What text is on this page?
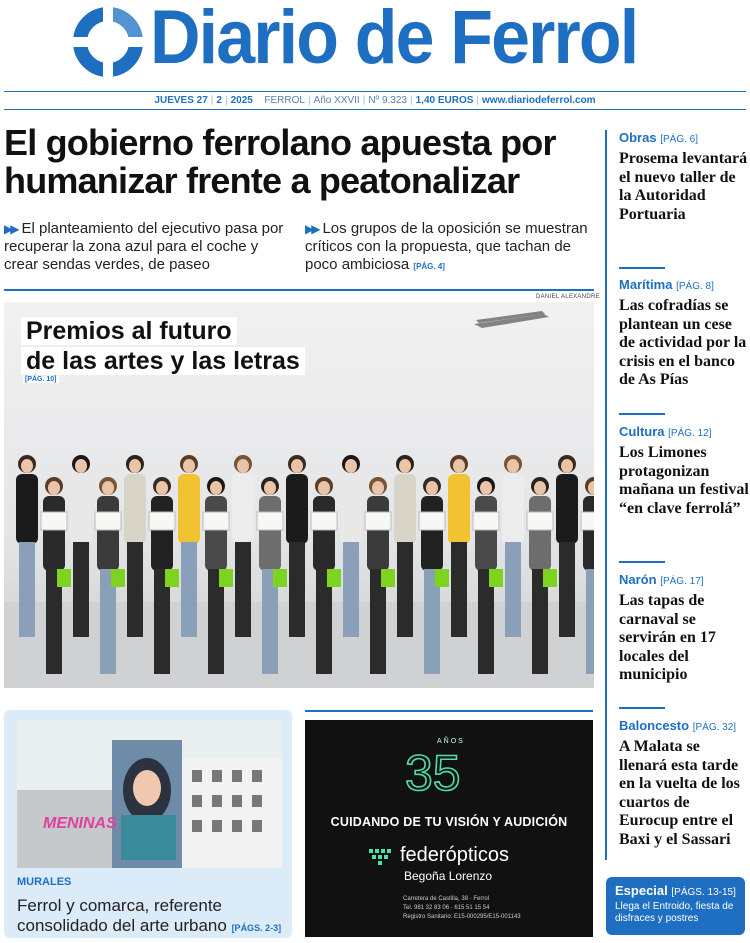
Diario de Ferrol
JUEVES 27 | 2 | 2025 FERROL | Año XXVII | Nº 9.323 | 1,40 EUROS | www.diariodeferrol.com
El gobierno ferrolano apuesta por humanizar frente a peatonalizar

▶▶ El planteamiento del ejecutivo pasa por recuperar la zona azul para el coche y crear sendas verdes, de paseo

▶▶ Los grupos de la oposición se muestran críticos con la propuesta, que tachan de poco ambiciosa [PÁG. 4]

DANIEL ALEXANDRE
Premios al futuro
de las artes y las letras
[PÁG. 10]
Obras [PÁG. 6]
Prosema levantará el nuevo taller de la Autoridad Portuaria
Marítima [PÁG. 8]
Las cofradías se plantean un cese de actividad por la crisis en el banco de As Pías
Cultura [PÁG. 12]
Los Limones protagonizan mañana un festival “en clave ferrolá”
Narón [PÁG. 17]
Las tapas de carnaval se servirán en 17 locales del municipio
Baloncesto [PÁG. 32]
A Malata se llenará esta tarde en la vuelta de los cuartos de Eurocup entre el Baxi y el Sassari
Especial [PÁGS. 13-15]
Llega el Entroido, fiesta de disfraces y postres
MENINAS
MURALES
Ferrol y comarca, referente consolidado del arte urbano [PÁGS. 2-3]
AÑOS
35
CUIDANDO DE TU VISIÓN Y AUDICIÓN
federópticos
Begoña Lorenzo
Carretera de Castilla, 38 · Ferrol
Tel. 981 32 83 06 · 615 51 15 54
Registro Sanitario: E15-000295/E15-001143
